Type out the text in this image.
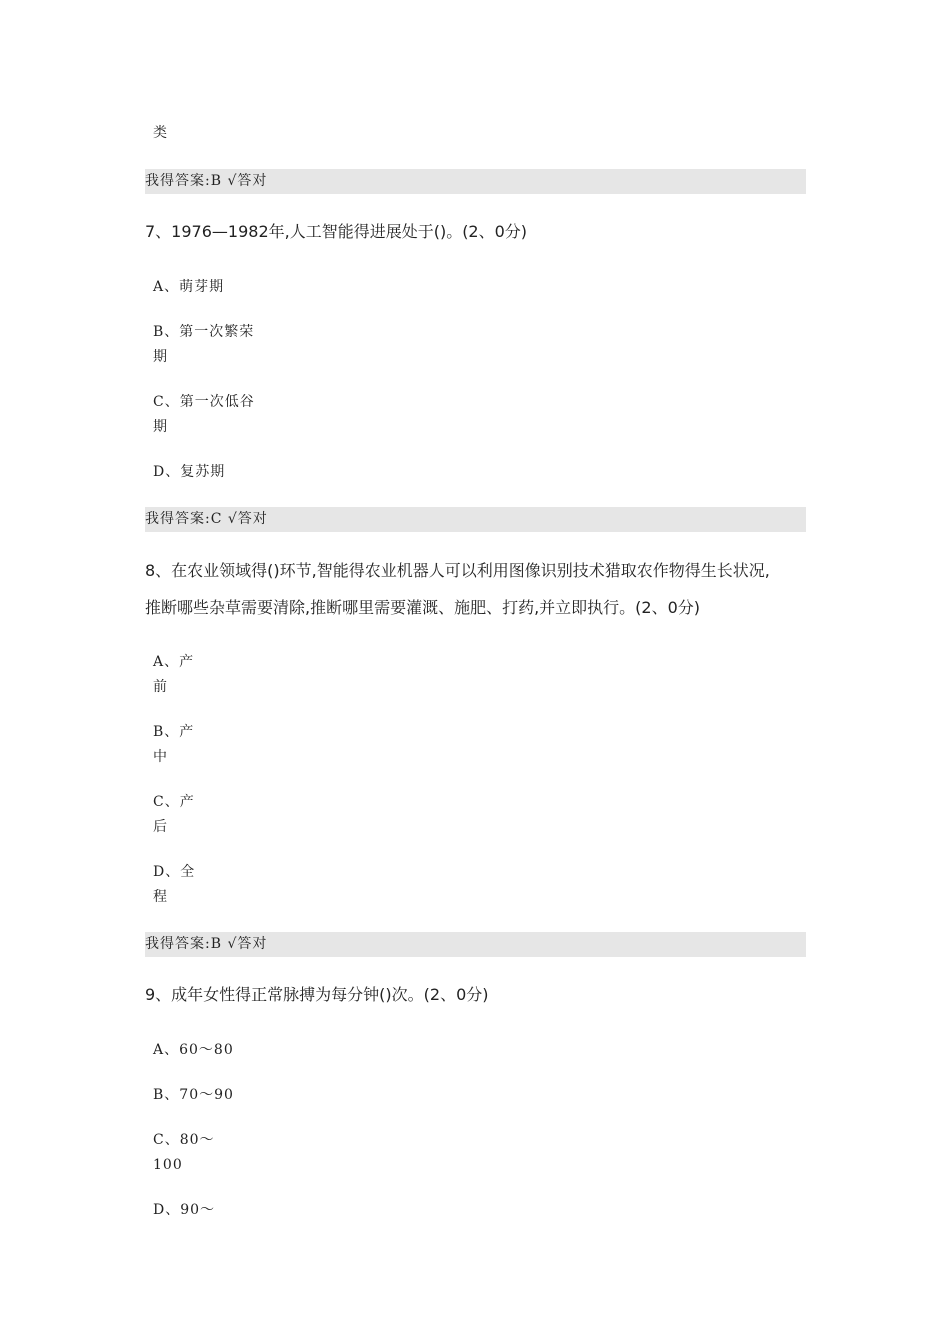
类
我得答案:B √答对
7、1976—1982年,人工智能得进展处于()。(2、0分)
A、萌芽期
B、第一次繁荣
期
C、第一次低谷
期
D、复苏期
我得答案:C √答对
8、在农业领域得()环节,智能得农业机器人可以利用图像识别技术猎取农作物得生长状况,
推断哪些杂草需要清除,推断哪里需要灌溉、施肥、打药,并立即执行。(2、0分)
A、产
前
B、产
中
C、产
后
D、全
程
我得答案:B √答对
9、成年女性得正常脉搏为每分钟()次。(2、0分)
A、60～80
B、70～90
C、80～
100
D、90～
